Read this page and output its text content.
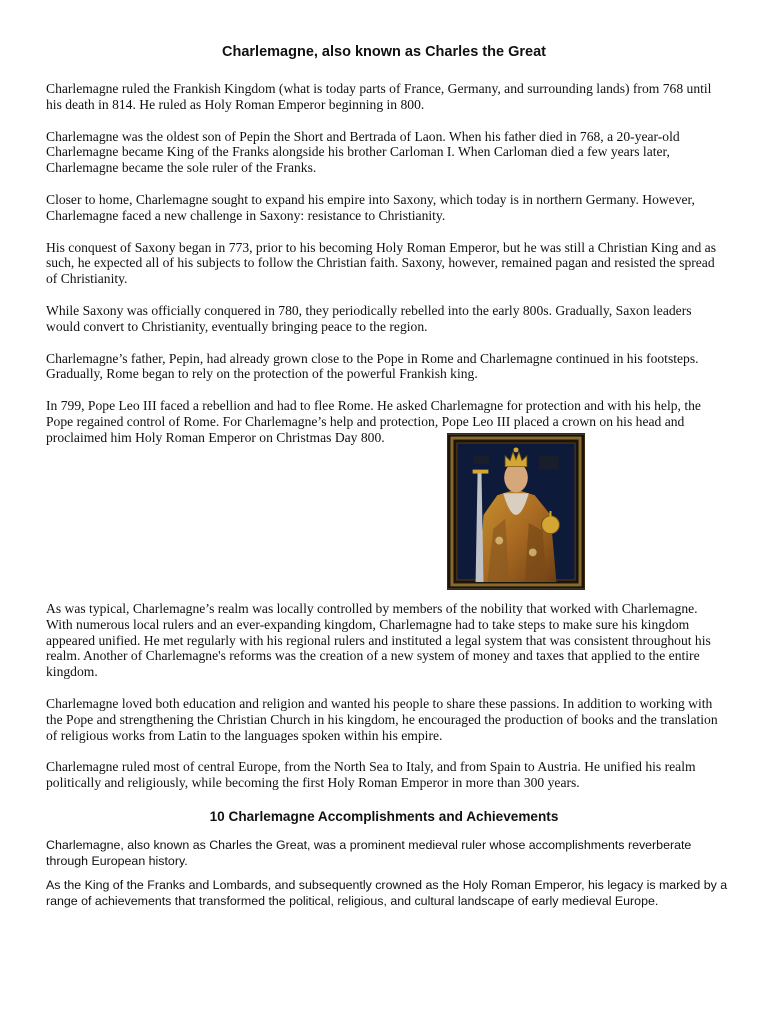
Charlemagne, also known as Charles the Great

Charlemagne ruled the Frankish Kingdom (what is today parts of France, Germany, and surrounding lands) from 768 until his death in 814. He ruled as Holy Roman Emperor beginning in 800.

Charlemagne was the oldest son of Pepin the Short and Bertrada of Laon. When his father died in 768, a 20-year-old Charlemagne became King of the Franks alongside his brother Carloman I. When Carloman died a few years later, Charlemagne became the sole ruler of the Franks.

Closer to home, Charlemagne sought to expand his empire into Saxony, which today is in northern Germany. However, Charlemagne faced a new challenge in Saxony: resistance to Christianity.

His conquest of Saxony began in 773, prior to his becoming Holy Roman Emperor, but he was still a Christian King and as such, he expected all of his subjects to follow the Christian faith. Saxony, however, remained pagan and resisted the spread of Christianity.

While Saxony was officially conquered in 780, they periodically rebelled into the early 800s. Gradually, Saxon leaders would convert to Christianity, eventually bringing peace to the region.

Charlemagne’s father, Pepin, had already grown close to the Pope in Rome and Charlemagne continued in his footsteps. Gradually, Rome began to rely on the protection of the powerful Frankish king.

In 799, Pope Leo III faced a rebellion and had to flee Rome. He asked Charlemagne for protection and with his help, the Pope regained control of Rome. For Charlemagne’s help and protection, Pope Leo III placed a crown on his head and proclaimed him Holy Roman Emperor on Christmas Day 800.

As was typical, Charlemagne’s realm was locally controlled by members of the nobility that worked with Charlemagne. With numerous local rulers and an ever-expanding kingdom, Charlemagne had to take steps to make sure his kingdom appeared unified. He met regularly with his regional rulers and instituted a legal system that was consistent throughout his realm. Another of Charlemagne's reforms was the creation of a new system of money and taxes that applied to the entire kingdom.

Charlemagne loved both education and religion and wanted his people to share these passions. In addition to working with the Pope and strengthening the Christian Church in his kingdom, he encouraged the production of books and the translation of religious works from Latin to the languages spoken within his empire.

Charlemagne ruled most of central Europe, from the North Sea to Italy, and from Spain to Austria. He unified his realm politically and religiously, while becoming the first Holy Roman Emperor in more than 300 years.

10 Charlemagne Accomplishments and Achievements

Charlemagne, also known as Charles the Great, was a prominent medieval ruler whose accomplishments reverberate through European history.

As the King of the Franks and Lombards, and subsequently crowned as the Holy Roman Emperor, his legacy is marked by a range of achievements that transformed the political, religious, and cultural landscape of early medieval Europe.
